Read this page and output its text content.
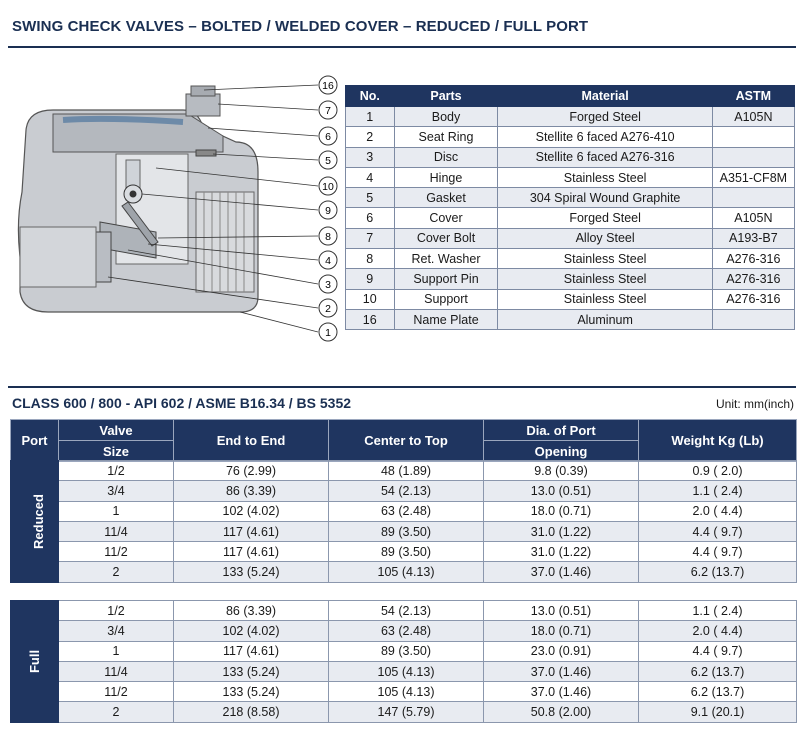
SWING CHECK VALVES – BOLTED / WELDED COVER – REDUCED / FULL PORT
16
7
6
5
10
9
8
4
3
2
1
No.	Parts	Material	ASTM
1	Body	Forged Steel	A105N
2	Seat Ring	Stellite 6 faced A276-410	
3	Disc	Stellite 6 faced A276-316	
4	Hinge	Stainless Steel	A351-CF8M
5	Gasket	304 Spiral Wound Graphite	
6	Cover	Forged Steel	A105N
7	Cover Bolt	Alloy Steel	A193-B7
8	Ret. Washer	Stainless Steel	A276-316
9	Support Pin	Stainless Steel	A276-316
10	Support	Stainless Steel	A276-316
16	Name Plate	Aluminum	
CLASS 600 / 800 - API 602 / ASME B16.34 / BS 5352	Unit: mm(inch)
Port	Valve	End to End	Center to Top	Dia. of Port	Weight Kg (Lb)
	Size			Opening	
Reduced	1/2	76 (2.99)	48 (1.89)	9.8 (0.39)	0.9 ( 2.0)
	3/4	86 (3.39)	54 (2.13)	13.0 (0.51)	1.1 ( 2.4)
	1	102 (4.02)	63 (2.48)	18.0 (0.71)	2.0 ( 4.4)
	11/4	117 (4.61)	89 (3.50)	31.0 (1.22)	4.4 ( 9.7)
	11/2	117 (4.61)	89 (3.50)	31.0 (1.22)	4.4 ( 9.7)
	2	133 (5.24)	105 (4.13)	37.0 (1.46)	6.2 (13.7)
Full	1/2	86 (3.39)	54 (2.13)	13.0 (0.51)	1.1 ( 2.4)
	3/4	102 (4.02)	63 (2.48)	18.0 (0.71)	2.0 ( 4.4)
	1	117 (4.61)	89 (3.50)	23.0 (0.91)	4.4 ( 9.7)
	11/4	133 (5.24)	105 (4.13)	37.0 (1.46)	6.2 (13.7)
	11/2	133 (5.24)	105 (4.13)	37.0 (1.46)	6.2 (13.7)
	2	218 (8.58)	147 (5.79)	50.8 (2.00)	9.1 (20.1)
